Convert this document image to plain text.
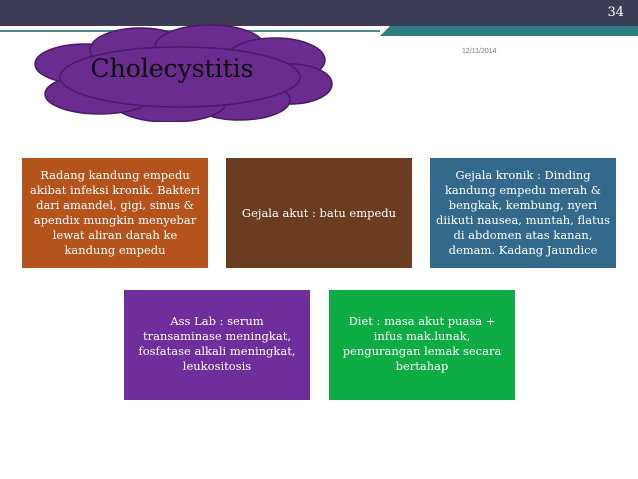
34
12/11/2014
Cholecystitis
Radang kandung empedu akibat infeksi kronik. Bakteri dari amandel, gigi, sinus & apendix mungkin menyebar lewat aliran darah ke kandung empedu
Gejala akut : batu empedu
Gejala kronik : Dinding kandung empedu merah & bengkak, kembung, nyeri diikuti nausea, muntah, flatus di abdomen atas kanan, demam. Kadang Jaundice
Ass Lab : serum transaminase meningkat, fosfatase alkali meningkat, leukositosis
Diet : masa akut puasa + infus mak.lunak, pengurangan lemak secara bertahap
